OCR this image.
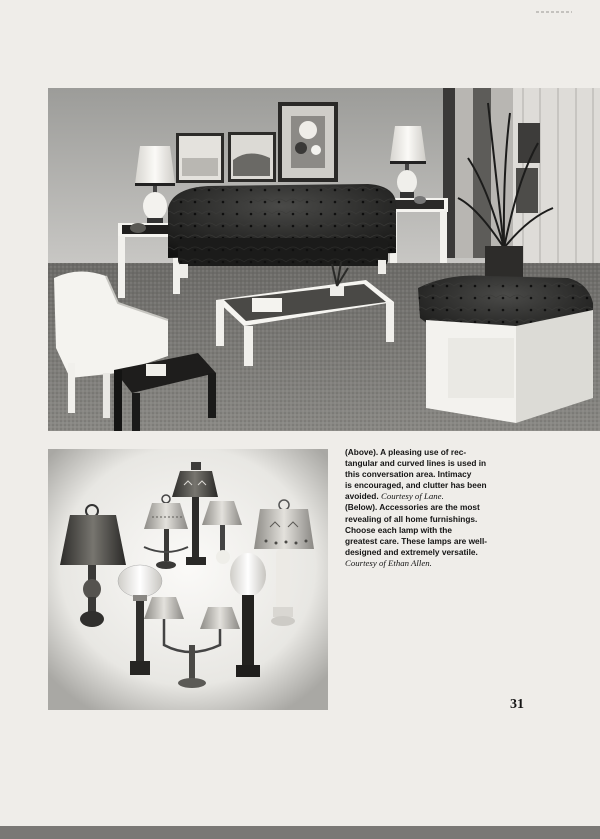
(Above). A pleasing use of rec-
tangular and curved lines is used in
this conversation area. Intimacy
is encouraged, and clutter has been
avoided. Courtesy of Lane.
(Below). Accessories are the most
revealing of all home furnishings.
Choose each lamp with the
greatest care. These lamps are well-
designed and extremely versatile.
Courtesy of Ethan Allen.
31
